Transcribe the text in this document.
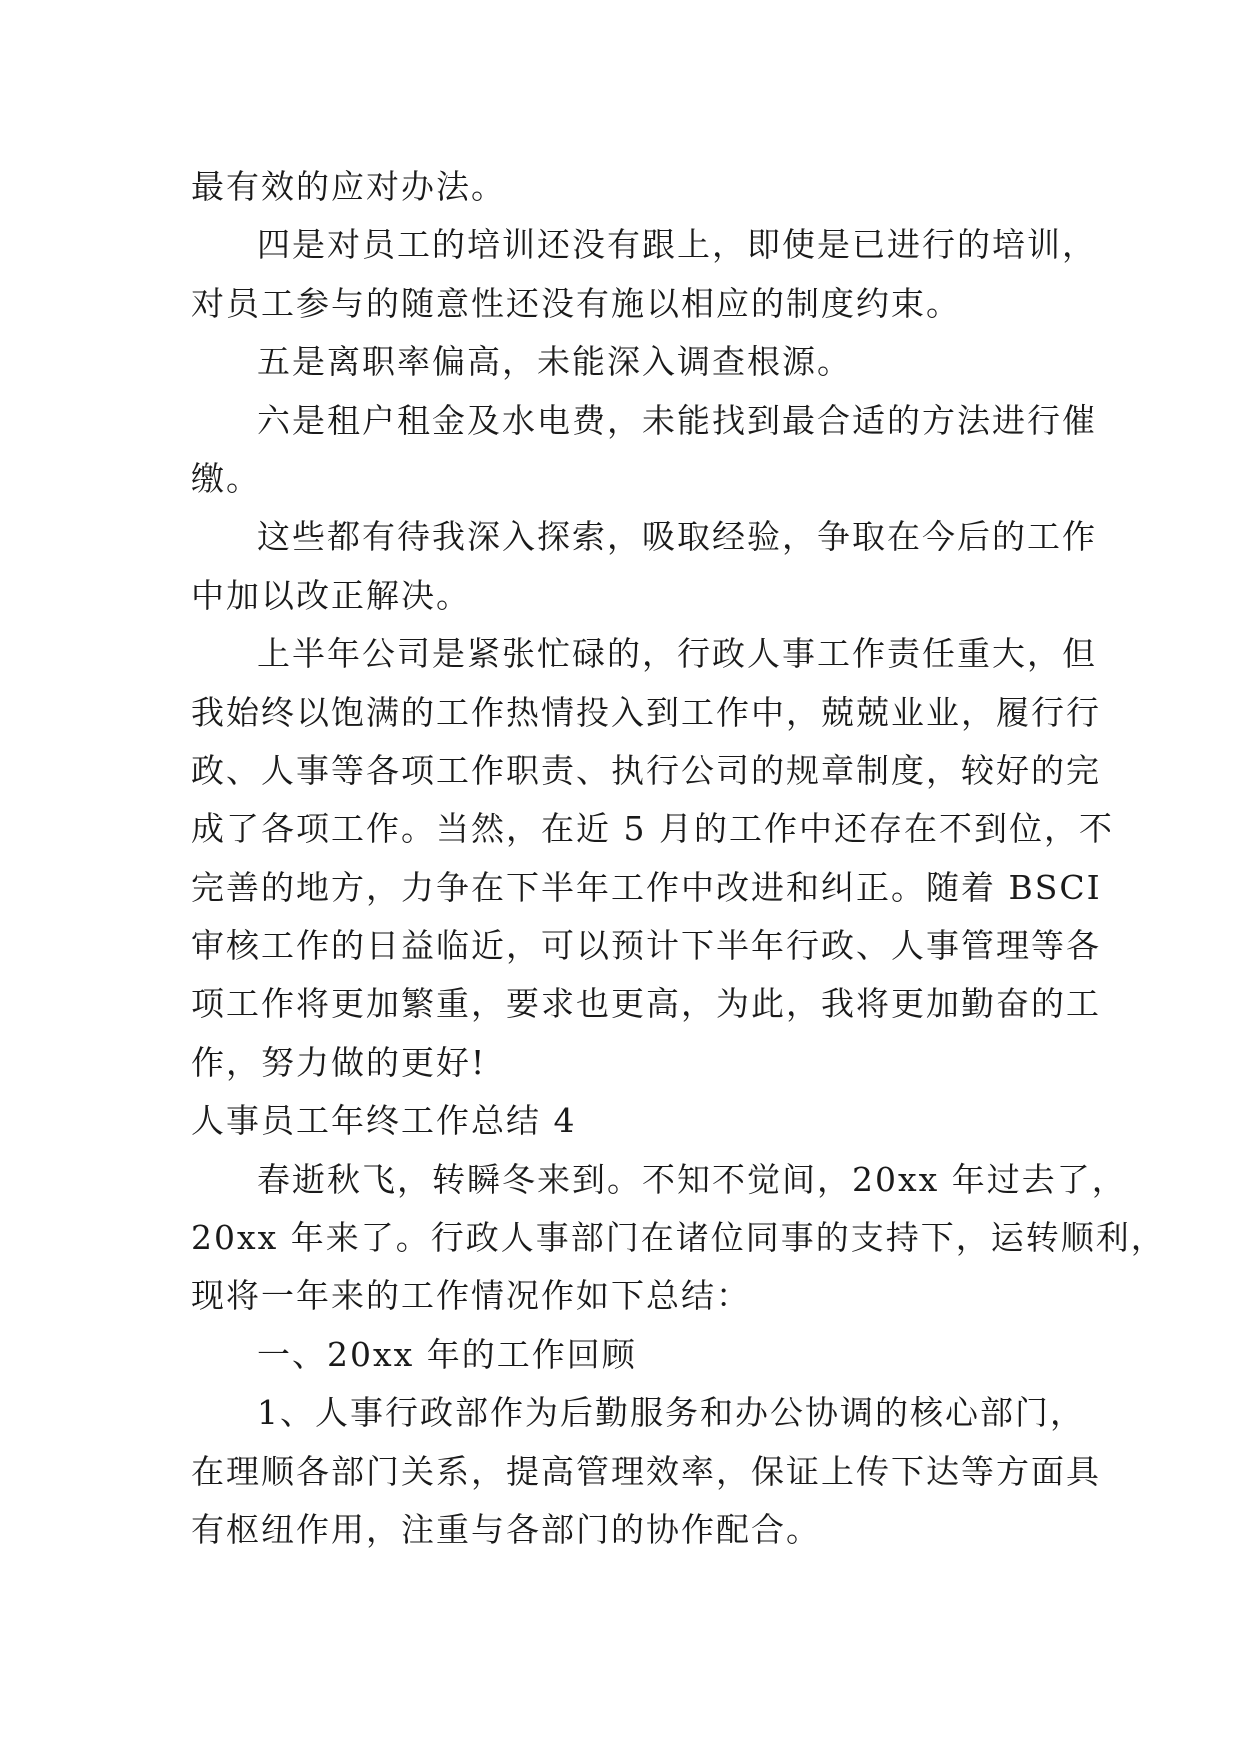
最有效的应对办法。
四是对员工的培训还没有跟上，即使是已进行的培训，
对员工参与的随意性还没有施以相应的制度约束。
五是离职率偏高，未能深入调查根源。
六是租户租金及水电费，未能找到最合适的方法进行催
缴。
这些都有待我深入探索，吸取经验，争取在今后的工作
中加以改正解决。
上半年公司是紧张忙碌的，行政人事工作责任重大，但
我始终以饱满的工作热情投入到工作中，兢兢业业，履行行
政、人事等各项工作职责、执行公司的规章制度，较好的完
成了各项工作。当然，在近 5 月的工作中还存在不到位，不
完善的地方，力争在下半年工作中改进和纠正。随着 BSCI
审核工作的日益临近，可以预计下半年行政、人事管理等各
项工作将更加繁重，要求也更高，为此，我将更加勤奋的工
作，努力做的更好!
人事员工年终工作总结 4
春逝秋飞，转瞬冬来到。不知不觉间，20xx 年过去了，
20xx 年来了。行政人事部门在诸位同事的支持下，运转顺利，
现将一年来的工作情况作如下总结：
一、20xx 年的工作回顾
1、人事行政部作为后勤服务和办公协调的核心部门，
在理顺各部门关系，提高管理效率，保证上传下达等方面具
有枢纽作用，注重与各部门的协作配合。
